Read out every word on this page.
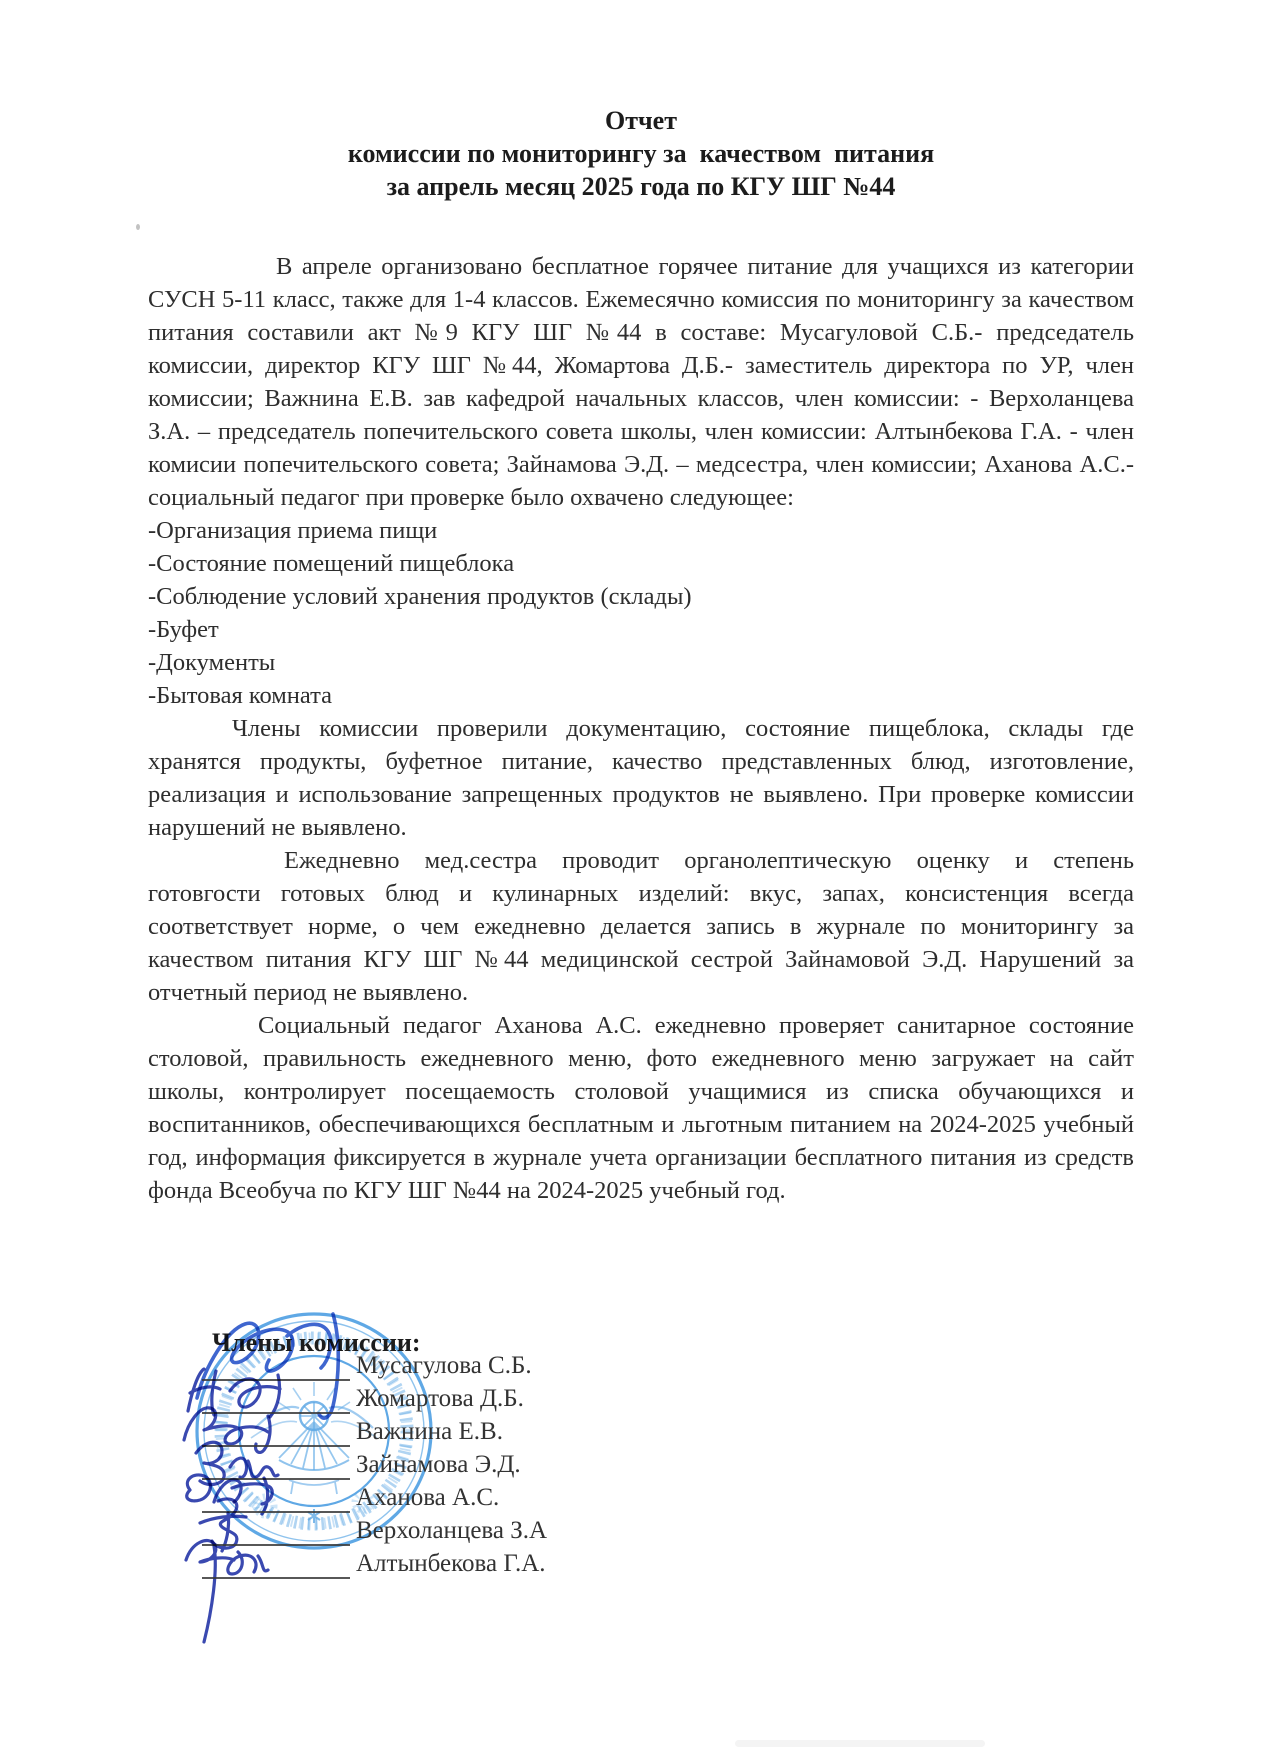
Отчет
комиссии по мониторингу за  качеством  питания
за апрель месяц 2025 года по КГУ ШГ №44

В апреле организовано бесплатное горячее питание для учащихся из категории СУСН 5-11 класс, также для 1-4 классов. Ежемесячно комиссия по мониторингу за качеством питания составили акт №9 КГУ ШГ №44 в составе: Мусагуловой С.Б.- председатель комиссии, директор КГУ ШГ №44, Жомартова Д.Б.- заместитель директора по УР, член комиссии; Важнина Е.В. зав кафедрой начальных классов, член комиссии: - Верхоланцева З.А. – председатель попечительского совета школы, член комиссии: Алтынбекова Г.А. - член комисии попечительского совета; Зайнамова Э.Д. – медсестра, член комиссии; Аханова А.С.- социальный педагог при проверке было охвачено следующее:

-Организация приема пищи
-Состояние помещений пищеблока
-Соблюдение условий хранения продуктов (склады)
-Буфет
-Документы
-Бытовая комната

Члены комиссии проверили документацию, состояние пищеблока, склады где хранятся продукты, буфетное питание, качество представленных блюд, изготовление, реализация и использование запрещенных продуктов не выявлено. При проверке комиссии нарушений не выявлено.

Ежедневно мед.сестра проводит органолептическую оценку и степень готовгости готовых блюд и кулинарных изделий: вкус, запах, консистенция всегда соответствует норме, о чем ежедневно делается запись в журнале по мониторингу за качеством питания КГУ ШГ №44 медицинской сестрой Зайнамовой Э.Д. Нарушений за отчетный период не выявлено.

Социальный педагог Аханова А.С. ежедневно проверяет санитарное состояние столовой, правильность ежедневного меню, фото ежедневного меню загружает на сайт школы, контролирует посещаемость столовой учащимися из списка обучающихся и воспитанников, обеспечивающихся бесплатным и льготным питанием на 2024-2025 учебный год, информация фиксируется в журнале учета организации бесплатного питания из средств фонда Всеобуча по КГУ ШГ №44 на 2024-2025 учебный год.

Члены комиссии:
Мусагулова С.Б.
Жомартова Д.Б.
Важнина Е.В.
Зайнамова Э.Д.
Аханова А.С.
Верхоланцева З.А
Алтынбекова Г.А.
